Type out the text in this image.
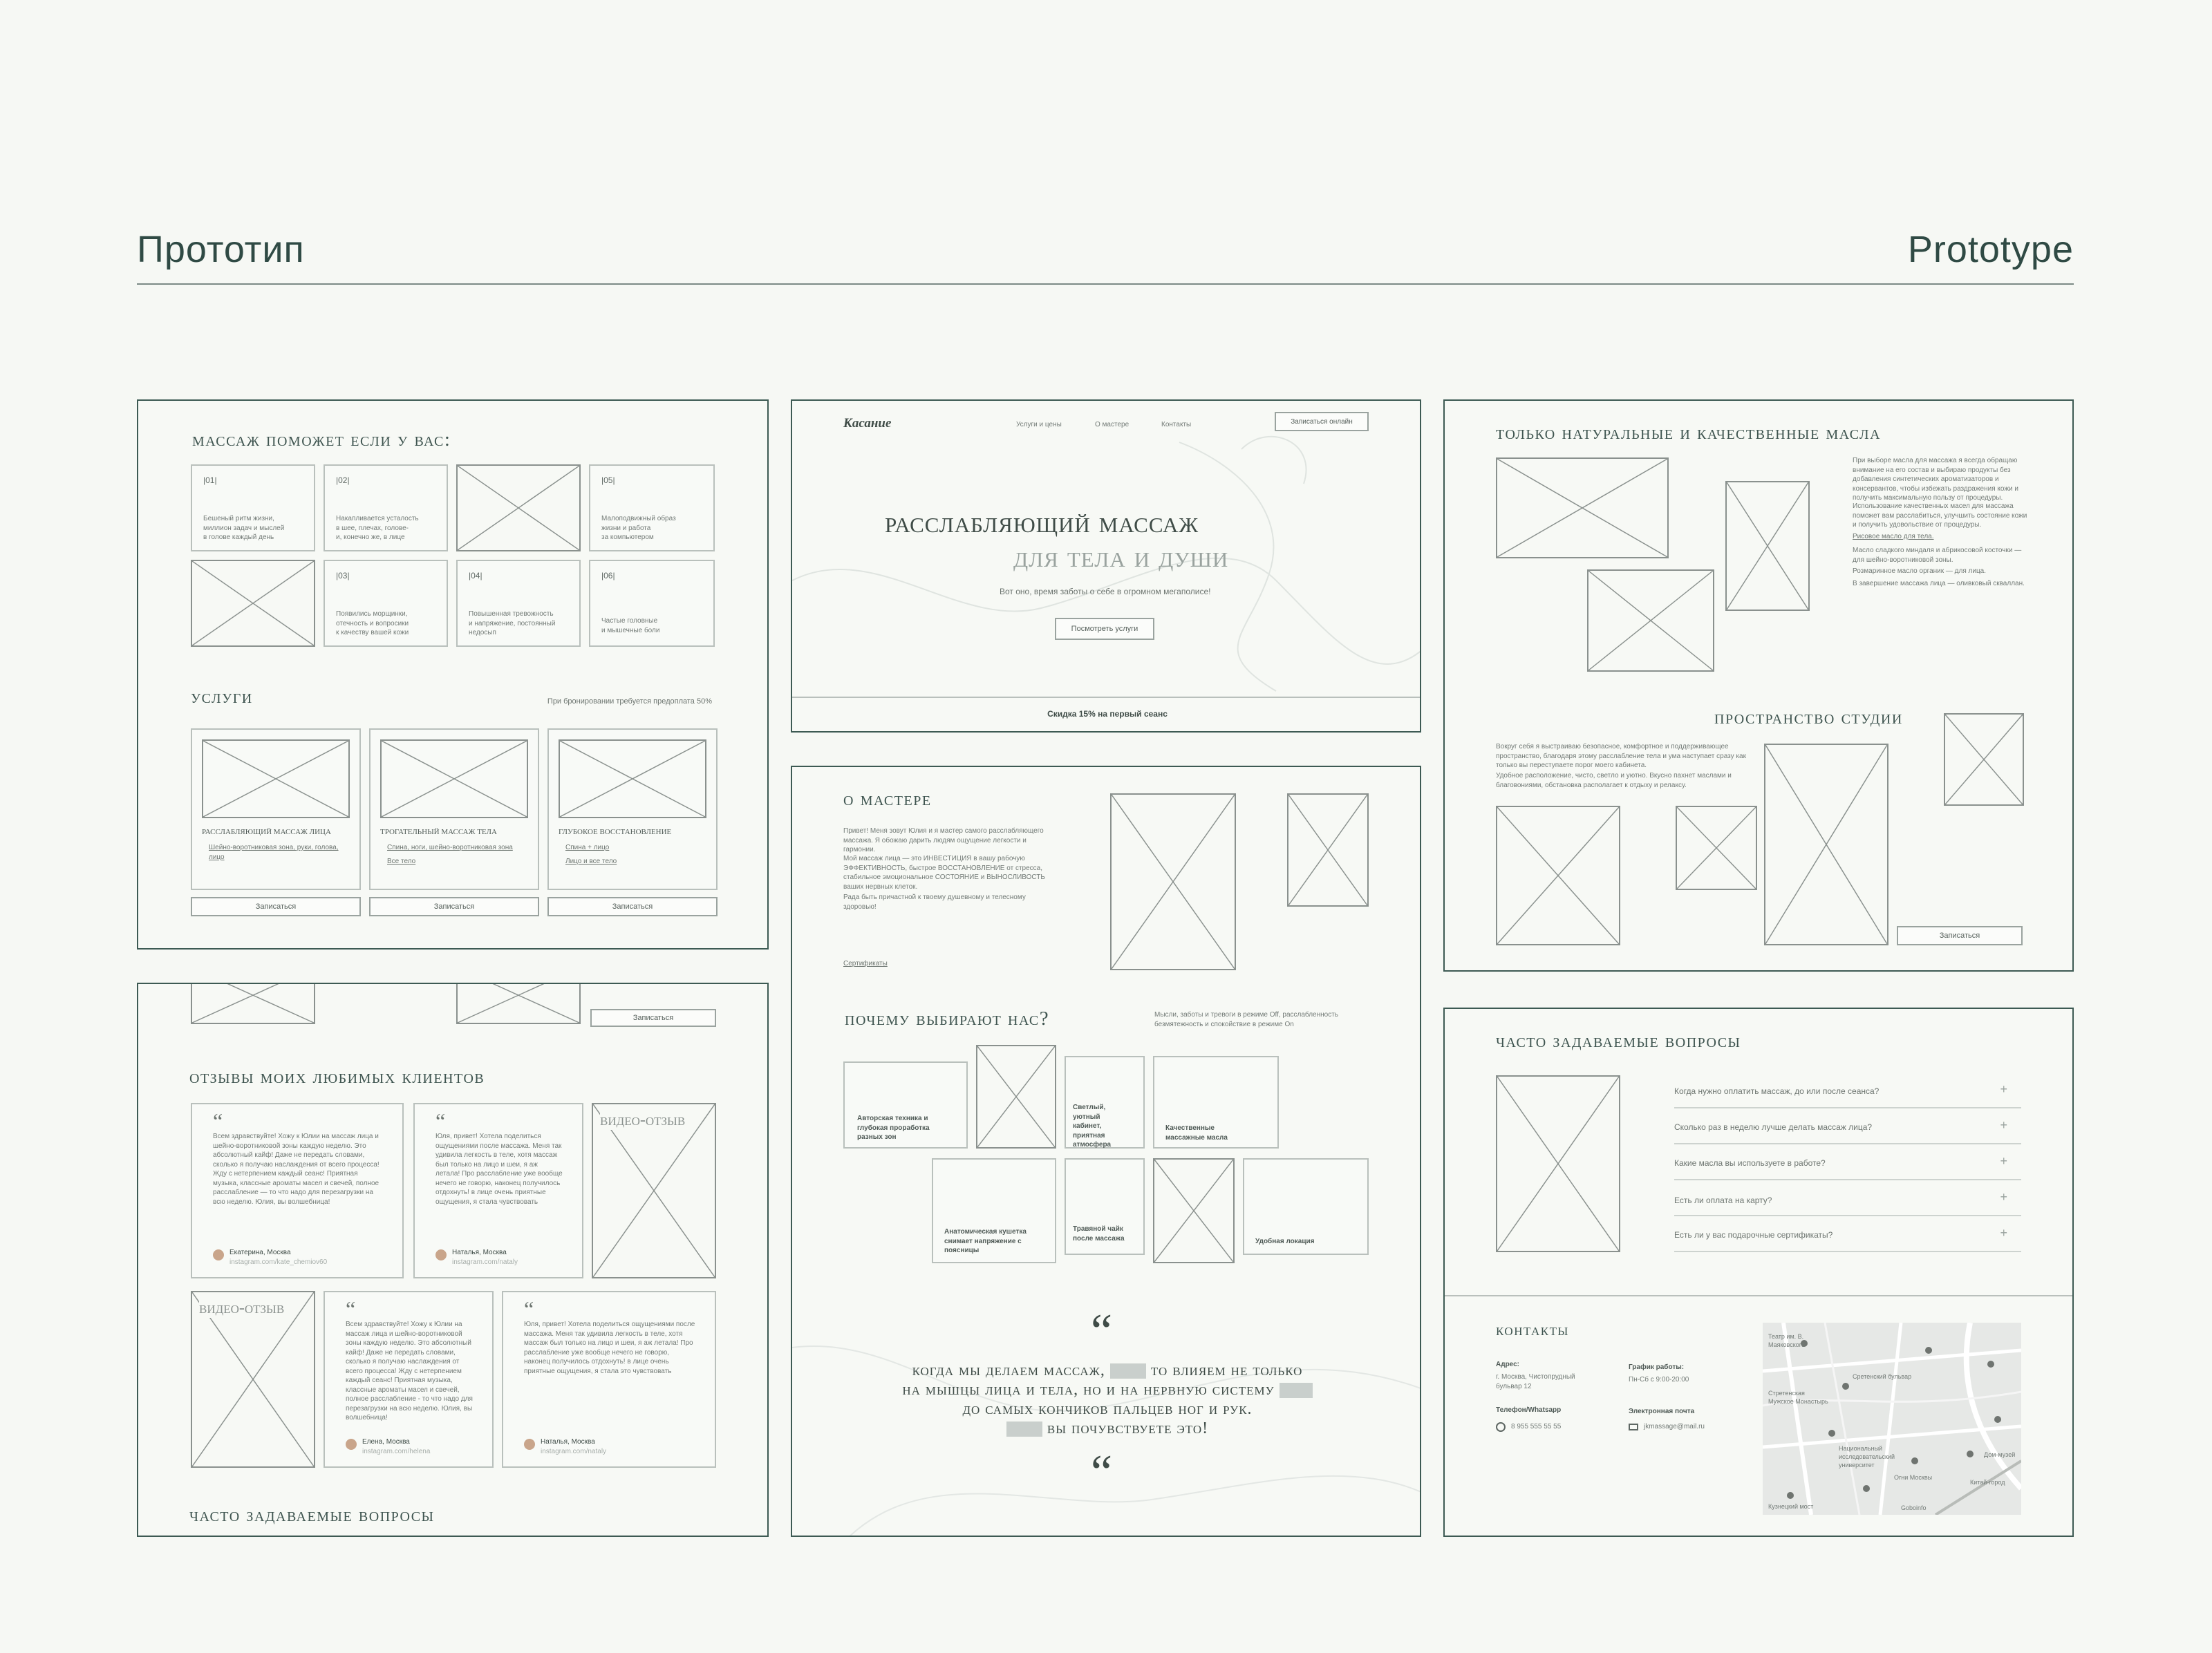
Прототип	Prototype
массаж поможет если у вас:
|01|
Бешеный ритм жизни,
миллион задач и мыслей
в голове каждый день
|02|
Накапливается усталость
в шее, плечах, голове-
и, конечно же, в лице
|05|
Малоподвижный образ
жизни и работа
за компьютером
|03|
Появились морщинки,
отечность и вопросики
к качеству вашей кожи
|04|
Повышенная тревожность
и напряжение, постоянный
недосып
|06|
Частые головные
и мышечные боли
услуги	При бронировании требуется предоплата 50%
РАССЛАБЛЯЮЩИЙ МАССАЖ ЛИЦА
Шейно-воротниковая зона, руки, голова, лицо
Записаться
ТРОГАТЕЛЬНЫЙ МАССАЖ ТЕЛА
Спина, ноги, шейно-воротниковая зона
Все тело
Записаться
ГЛУБОКОЕ ВОССТАНОВЛЕНИЕ
Спина + лицо
Лицо и все тело
Записаться
Касание	Услуги и цены	О мастере	Контакты	Записаться онлайн
расслабляющий массаж
для тела и души
Вот оно, время заботы о себе в огромном мегаполисе!
Посмотреть услуги
Скидка 15% на первый сеанс
только натуральные и качественные масла
При выборе масла для массажа я всегда обращаю внимание на его состав и выбираю продукты без добавления синтетических ароматизаторов и консервантов, чтобы избежать раздражения кожи и получить максимальную пользу от процедуры.
Использование качественных масел для массажа поможет вам расслабиться, улучшить состояние кожи и получить удовольствие от процедуры.
Рисовое масло для тела.
Масло сладкого миндаля и абрикосовой косточки — для шейно-воротниковой зоны.
Розмаринное масло органик — для лица.
В завершение массажа лица — оливковый скваллан.
пространство студии
Вокруг себя я выстраиваю безопасное, комфортное и поддерживающее пространство, благодаря этому расслабление тела и ума наступает сразу как только вы переступаете порог моего кабинета.
Удобное расположение, чисто, светло и уютно. Вкусно пахнет маслами и благовониями, обстановка располагает к отдыху и релаксу.
Записаться
Записаться
отзывы моих любимых клиентов
“
Всем здравствуйте! Хожу к Юлии на массаж лица и шейно-воротниковой зоны каждую неделю. Это абсолютный кайф! Даже не передать словами, сколько я получаю наслаждения от всего процесса! Жду с нетерпением каждый сеанс! Приятная музыка, классные ароматы масел и свечей, полное расслабление — то что надо для перезагрузки на всю неделю. Юлия, вы волшебница!
Екатерина, Москва
instagram.com/kate_chemiov60
“
Юля, привет! Хотела поделиться ощущениями после массажа. Меня так удивила легкость в теле, хотя массаж был только на лицо и шеи, я аж летала! Про расслабление уже вообще нечего не говорю, наконец получилось отдохнуть! в лице очень приятные ощущения, я стала чувствовать
Наталья, Москва
instagram.com/nataly
видео-отзыв
видео-отзыв	“
Всем здравствуйте! Хожу к Юлии на массаж лица и шейно-воротниковой зоны каждую неделю. Это абсолютный кайф! Даже не передать словами, сколько я получаю наслаждения от всего процесса! Жду с нетерпением каждый сеанс! Приятная музыка, классные ароматы масел и свечей, полное расслабление - то что надо для перезагрузки на всю неделю. Юлия, вы волшебница!
Елена, Москва
instagram.com/helena
“
Юля, привет! Хотела поделиться ощущениями после массажа. Меня так удивила легкость в теле, хотя массаж был только на лицо и шеи, я аж летала! Про расслабление уже вообще нечего не говорю, наконец получилось отдохнуть! в лице очень приятные ощущения, я стала это чувствовать
Наталья, Москва
instagram.com/nataly
часто задаваемые вопросы
о мастере
Привет! Меня зовут Юлия и я мастер самого расслабляющего массажа. Я обожаю дарить людям ощущение легкости и гармонии.
Мой массаж лица — это ИНВЕСТИЦИЯ в вашу рабочую ЭФФЕКТИВНОСТЬ, быстрое ВОССТАНОВЛЕНИЕ от стресса, стабильное эмоциональное СОСТОЯНИЕ и ВЫНОСЛИВОСТЬ ваших нервных клеток.
Рада быть причастной к твоему душевному и телесному здоровью!
Сертификаты
почему выбирают нас?	Мысли, заботы и тревоги в режиме Off, расслабленность безмятежность и спокойствие в режиме On
Авторская техника и глубокая проработка разных зон
Светлый, уютный кабинет, приятная атмосфера
Качественные массажные масла
Анатомическая кушетка снимает напряжение с поясницы
Травяной чайк после массажа	Удобная локация
“
когда мы делаем массаж,	то влияем не только
на мышцы лица и тела, но и на нервную систему
до самых кончиков пальцев ног и рук.
вы почувствуете это!
“
часто задаваемые вопросы
Когда нужно оплатить массаж, до или после сеанса?	+
Сколько раз в неделю лучше делать массаж лица?	+
Какие масла вы используете в работе?	+
Есть ли оплата на карту?	+
Есть ли у вас подарочные сертификаты?	+
контакты
Адрес:
г. Москва, Чистопрудный бульвар 12
График работы:
Пн-Сб с 9:00-20:00
Телефон/Whatsapp
8 955 555 55 55
Электронная почта
jkmassage@mail.ru
Театр им. В. Маяковского
Сретенский бульвар
Национальный исследовательский университет
Кузнецкий мост
Китай-город
Дом-музей
Огни Москвы
Goboinfo
Стретенская Мужское Монастырь
